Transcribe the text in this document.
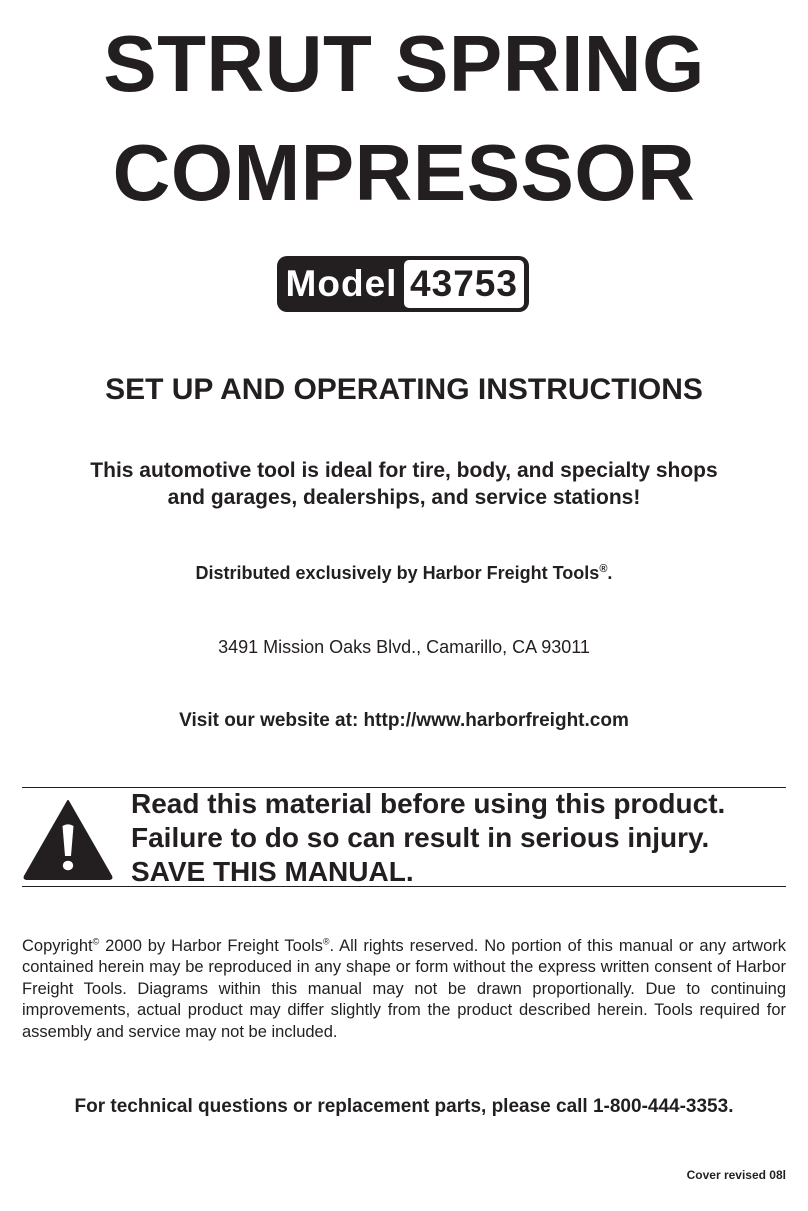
STRUT SPRING
COMPRESSOR
Model 43753
SET UP AND OPERATING INSTRUCTIONS
This automotive tool is ideal for tire, body, and specialty shops
and garages, dealerships, and service stations!
Distributed exclusively by Harbor Freight Tools®.
3491 Mission Oaks Blvd., Camarillo, CA 93011
Visit our website at: http://www.harborfreight.com
Read this material before using this product.
Failure to do so can result in serious injury.
SAVE THIS MANUAL.
Copyright© 2000 by Harbor Freight Tools®. All rights reserved. No portion of this manual or any artwork contained herein may be reproduced in any shape or form without the express written consent of Harbor Freight Tools. Diagrams within this manual may not be drawn proportionally. Due to continuing improvements, actual product may differ slightly from the product described herein. Tools required for assembly and service may not be included.
For technical questions or replacement parts, please call 1-800-444-3353.
Cover revised 08l
